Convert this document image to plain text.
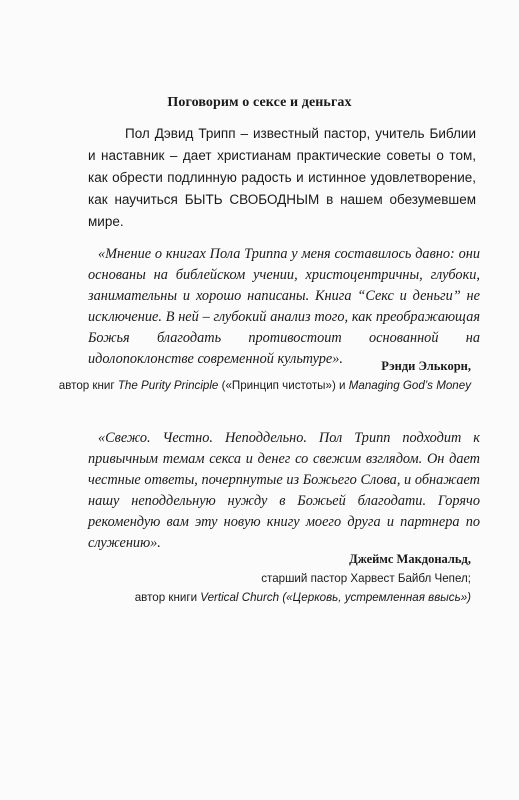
Поговорим о сексе и деньгах

Пол Дэвид Трипп – известный пастор, учитель Библии и наставник – дает христианам практические советы о том, как обрести подлинную радость и истинное удовлетворение, как научиться БЫТЬ СВОБОДНЫМ в нашем обезумевшем мире.

«Мнение о книгах Пола Триппа у меня составилось давно: они основаны на библейском учении, христоцентричны, глубоки, занимательны и хорошо написаны. Книга “Секс и деньги” не исключение. В ней – глубокий анализ того, как преображающая Божья благодать противостоит основанной на идолопоклонстве современной культуре».	Рэнди Элькорн,
автор книг The Purity Principle («Принцип чистоты») и Managing God’s Money

«Свежо. Честно. Неподдельно. Пол Трипп подходит к привычным темам секса и денег со свежим взглядом. Он дает честные ответы, почерпнутые из Божьего Слова, и обнажает нашу неподдельную нужду в Божьей благодати. Горячо рекомендую вам эту новую книгу моего друга и партнера по служению».

Джеймс Макдональд,
старший пастор Харвест Байбл Чепел;
автор книги Vertical Church («Церковь, устремленная ввысь»)
